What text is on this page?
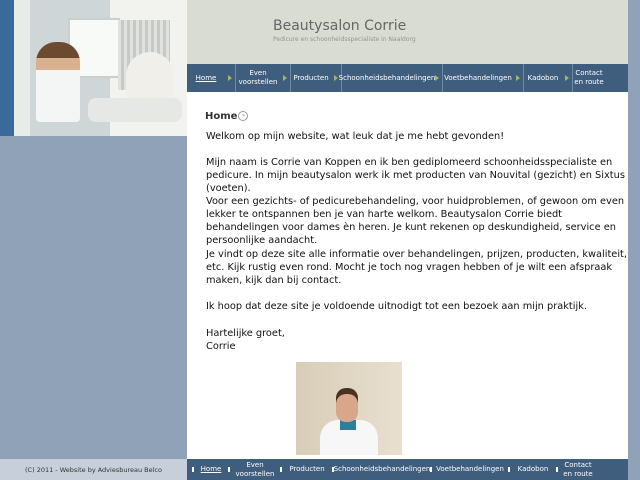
Beautysalon Corrie
Pedicure en schoonheidsspecialiste in Naaldorg
Home
Even voorstellen
Producten Schoonheidsbehandelingen Voetbehandelingen Kadobon
Contact en route
Home –

Welkom op mijn website, wat leuk dat je me hebt gevonden!

Mijn naam is Corrie van Koppen en ik ben gediplomeerd schoonheidsspecialiste en pedicure. In mijn beautysalon werk ik met producten van Nouvital (gezicht) en Sixtus (voeten).

Voor een gezichts- of pedicurebehandeling, voor huidproblemen, of gewoon om even lekker te ontspannen ben je van harte welkom. Beautysalon Corrie biedt behandelingen voor dames èn heren. Je kunt rekenen op deskundigheid, service en persoonlijke aandacht.

Je vindt op deze site alle informatie over behandelingen, prijzen, producten, kwaliteit, etc. Kijk rustig even rond. Mocht je toch nog vragen hebben of je wilt een afspraak maken, kijk dan bij contact.

Ik hoop dat deze site je voldoende uitnodigt tot een bezoek aan mijn praktijk.

Hartelijke groet,

Corrie

(C) 2011 - Website by Adviesbureau Belco	Home
Even voorstellen
Producten Schoonheidsbehandelingen Voetbehandelingen Kadobon
Contact en route
